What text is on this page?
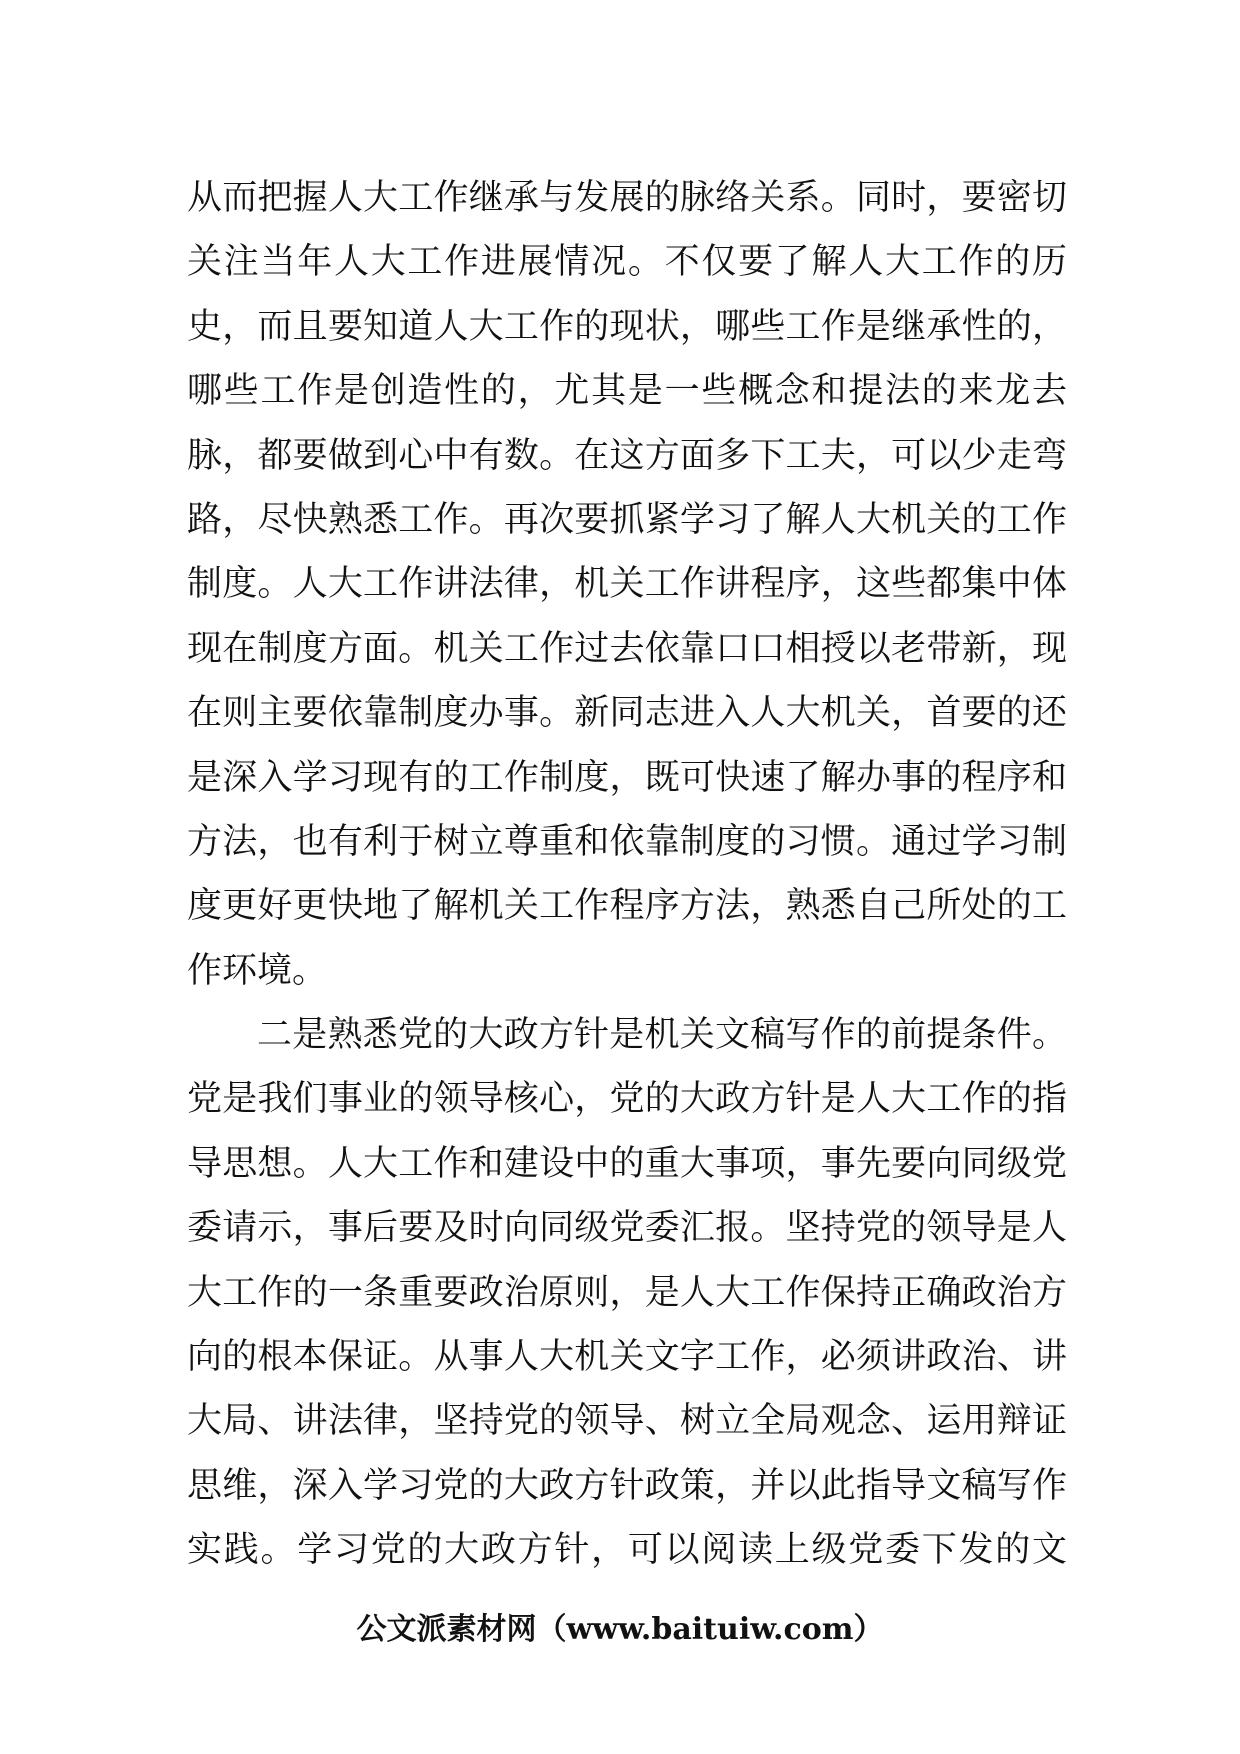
从而把握人大工作继承与发展的脉络关系。同时，要密切
关注当年人大工作进展情况。不仅要了解人大工作的历
史，而且要知道人大工作的现状，哪些工作是继承性的，
哪些工作是创造性的，尤其是一些概念和提法的来龙去
脉，都要做到心中有数。在这方面多下工夫，可以少走弯
路，尽快熟悉工作。再次要抓紧学习了解人大机关的工作
制度。人大工作讲法律，机关工作讲程序，这些都集中体
现在制度方面。机关工作过去依靠口口相授以老带新，现
在则主要依靠制度办事。新同志进入人大机关，首要的还
是深入学习现有的工作制度，既可快速了解办事的程序和
方法，也有利于树立尊重和依靠制度的习惯。通过学习制
度更好更快地了解机关工作程序方法，熟悉自己所处的工
作环境。
二是熟悉党的大政方针是机关文稿写作的前提条件。
党是我们事业的领导核心，党的大政方针是人大工作的指
导思想。人大工作和建设中的重大事项，事先要向同级党
委请示，事后要及时向同级党委汇报。坚持党的领导是人
大工作的一条重要政治原则，是人大工作保持正确政治方
向的根本保证。从事人大机关文字工作，必须讲政治、讲
大局、讲法律，坚持党的领导、树立全局观念、运用辩证
思维，深入学习党的大政方针政策，并以此指导文稿写作
实践。学习党的大政方针，可以阅读上级党委下发的文
公文派素材网（www.baituiw.com）
